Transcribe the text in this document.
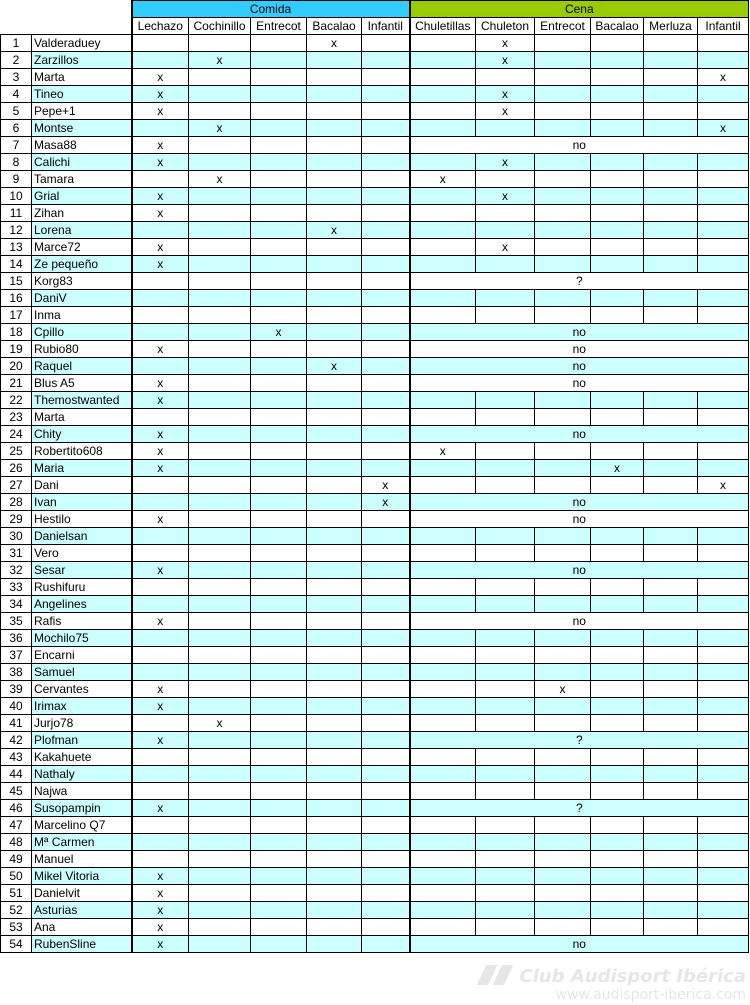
		Comida					Cena					
		Lechazo	Cochinillo	Entrecot	Bacalao	Infantil	Chuletillas	Chuleton	Entrecot	Bacalao	Merluza	Infantil
1	Valderaduey				x			x				
2	Zarzillos		x					x				
3	Marta	x										x
4	Tineo	x						x				
5	Pepe+1	x						x				
6	Montse		x									x
7	Masa88	x					no					
8	Calichi	x						x				
9	Tamara		x				x					
10	Grial	x						x				
11	Zihan	x										
12	Lorena				x							
13	Marce72	x						x				
14	Ze pequeño	x										
15	Korg83						?					
16	DaniV											
17	Inma											
18	Cpillo			x			no					
19	Rubio80	x					no					
20	Raquel				x		no					
21	Blus A5	x					no					
22	Themostwanted	x										
23	Marta											
24	Chity	x					no					
25	Robertito608	x					x					
26	Maria	x								x		
27	Dani					x						x
28	Ivan					x	no					
29	Hestilo	x					no					
30	Danielsan											
31	Vero											
32	Sesar	x					no					
33	Rushifuru											
34	Angelines											
35	Rafis	x					no					
36	Mochilo75											
37	Encarni											
38	Samuel											
39	Cervantes	x							x			
40	Irimax	x										
41	Jurjo78		x									
42	Plofman	x					?					
43	Kakahuete											
44	Nathaly											
45	Najwa											
46	Susopampin	x					?					
47	Marcelino Q7											
48	Mª Carmen											
49	Manuel											
50	Mikel Vitoria	x										
51	Danielvit	x										
52	Asturias	x										
53	Ana	x										
54	RubenSline	x					no					
Club Audisport Ibérica
www.audisport-iberica.com
